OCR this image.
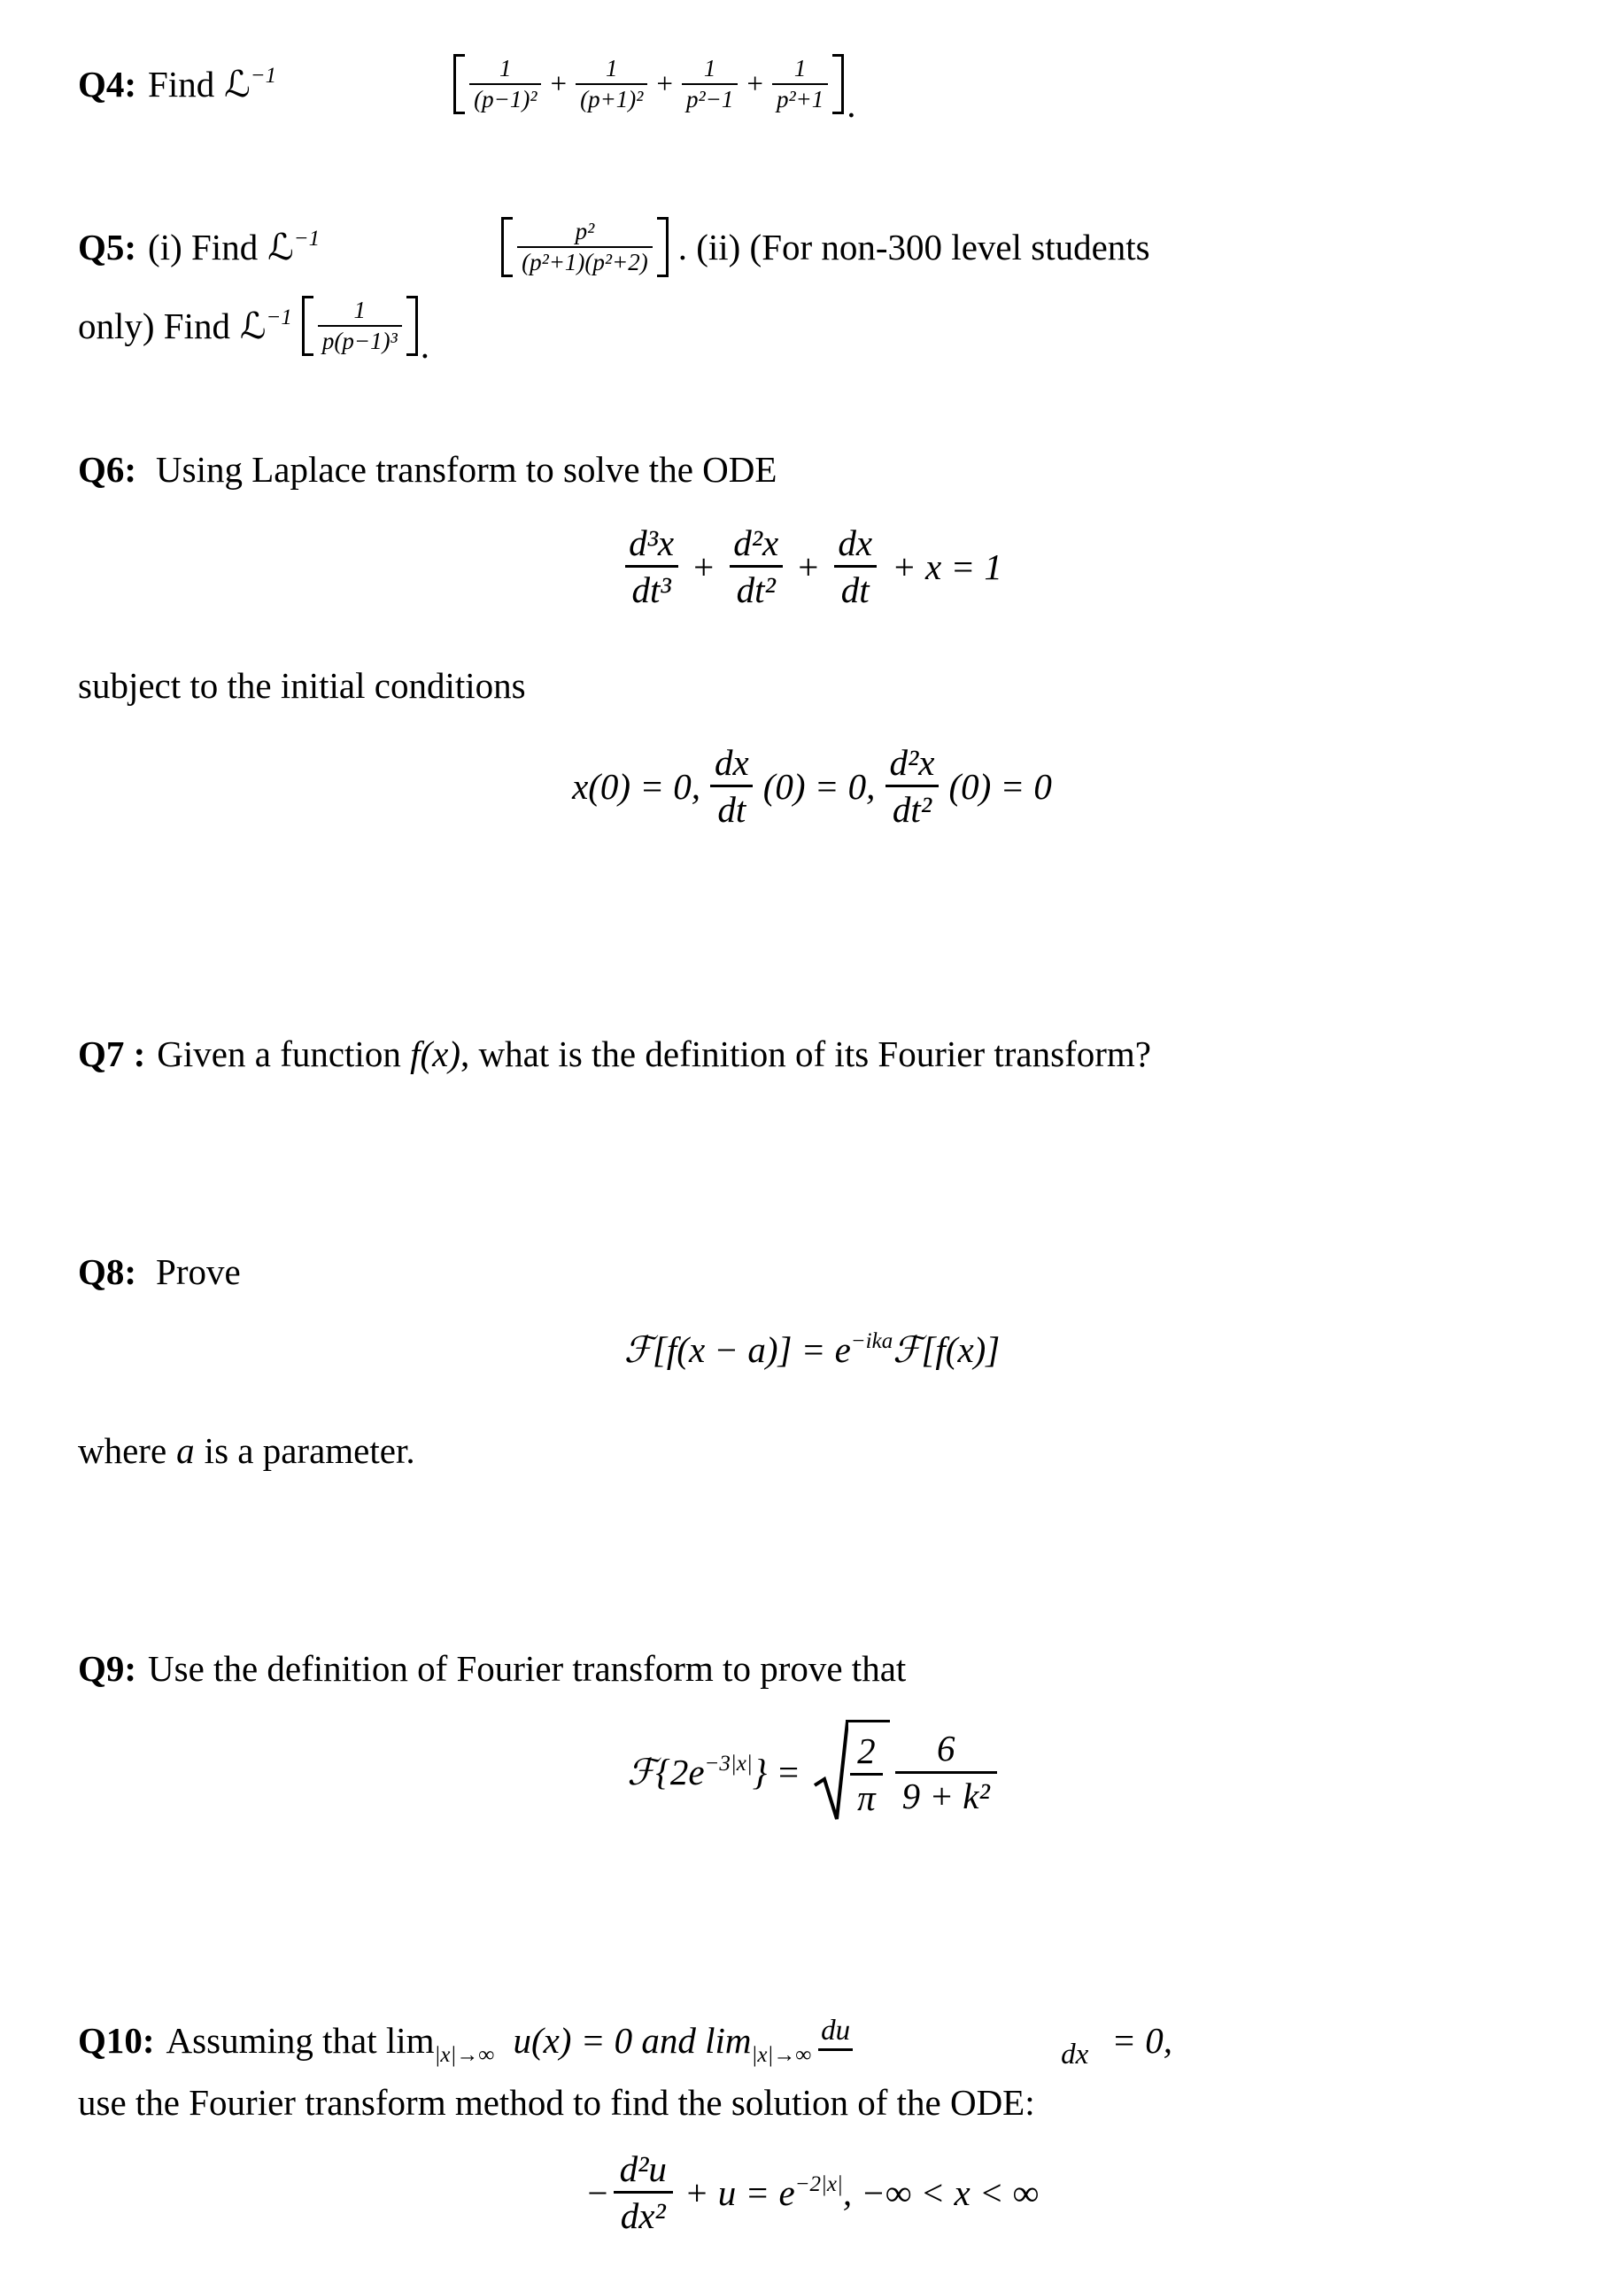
Q4: Find ℒ$^{-1}$	$\frac{1}{\text{(p−1)²}} + \frac{1}{\text{(p+1)²}} + \frac{1}{\text{p²−1}} + \frac{1}{\text{p²+1}}$ .
Q5: (i) Find ℒ$^{-1}$	$\frac{\text{p²}}{\text{(p²+1)(p²+2)}}$ . (ii) (For non-300 level students
only) Find ℒ$^{-1}$ $\frac{1}{\text{p(p−1)³}}$ .
Q6: Using Laplace transform to solve the ODE
$\frac{\text{d³x}}{\text{dt³}} + \frac{\text{d²x}}{\text{dt²}} + \frac{dx}{dt} + x = 1$
subject to the initial conditions
x(0) = 0, $\frac{dx}{dt} (0) = 0$, $\frac{\text{d²x}}{\text{dt²}} (0) = 0$
Q7 : Given a function f(x), what is the definition of its Fourier transform?
Q8: Prove
ℱ[f(x − $a)] = e^{-ika}ℱ[f(x)]$
where a is a parameter.
Q9: Use the definition of Fourier transform to prove that
$ℱ\{2e^{-3|x|}\} = \frac{2}{\pi} \frac{6}{\text{9 + k²}}$
Q10: Assuming that $\lim_{|x|\to\infty} u(x) = 0$ and $\lim_{|x|\to\infty}^{du}_{dx} = 0$,
use the Fourier transform method to find the solution of the ODE:
− $\frac{\text{d²u}}{\text{dx²}} + u = e^{-2|x|}$, −∞ < x < ∞
